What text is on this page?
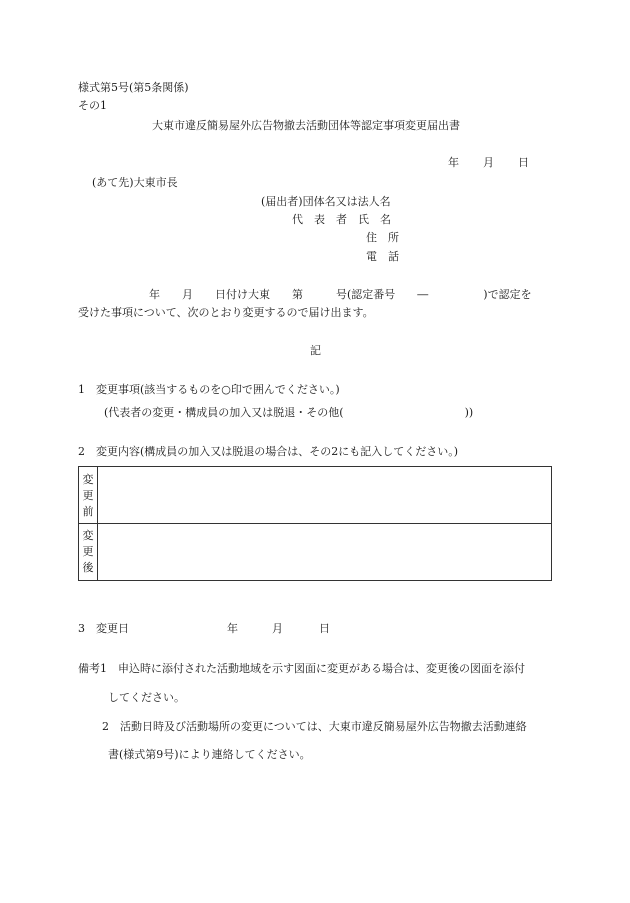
様式第5号(第5条関係)
その1
大東市違反簡易屋外広告物撤去活動団体等認定事項変更届出書
年 月 日
(あて先)大東市長
(届出者)団体名又は法人名
代　表　者　氏　名
住　所
電　話
年　　月　　日付け大東　　第　　　号(認定番号　　―　　　　　)で認定を
受けた事項について、次のとおり変更するので届け出ます。
記
1　変更事項(該当するものを○印で囲んでください。)
(代表者の変更・構成員の加入又は脱退・その他(　　　　　　　　　　　))
2　変更内容(構成員の加入又は脱退の場合は、その2にも記入してください。)
変
更
前
変
更
後
3　変更日	年	月	日
備考1　申込時に添付された活動地域を示す図面に変更がある場合は、変更後の図面を添付
してください。
2　活動日時及び活動場所の変更については、大東市違反簡易屋外広告物撤去活動連絡
書(様式第9号)により連絡してください。
